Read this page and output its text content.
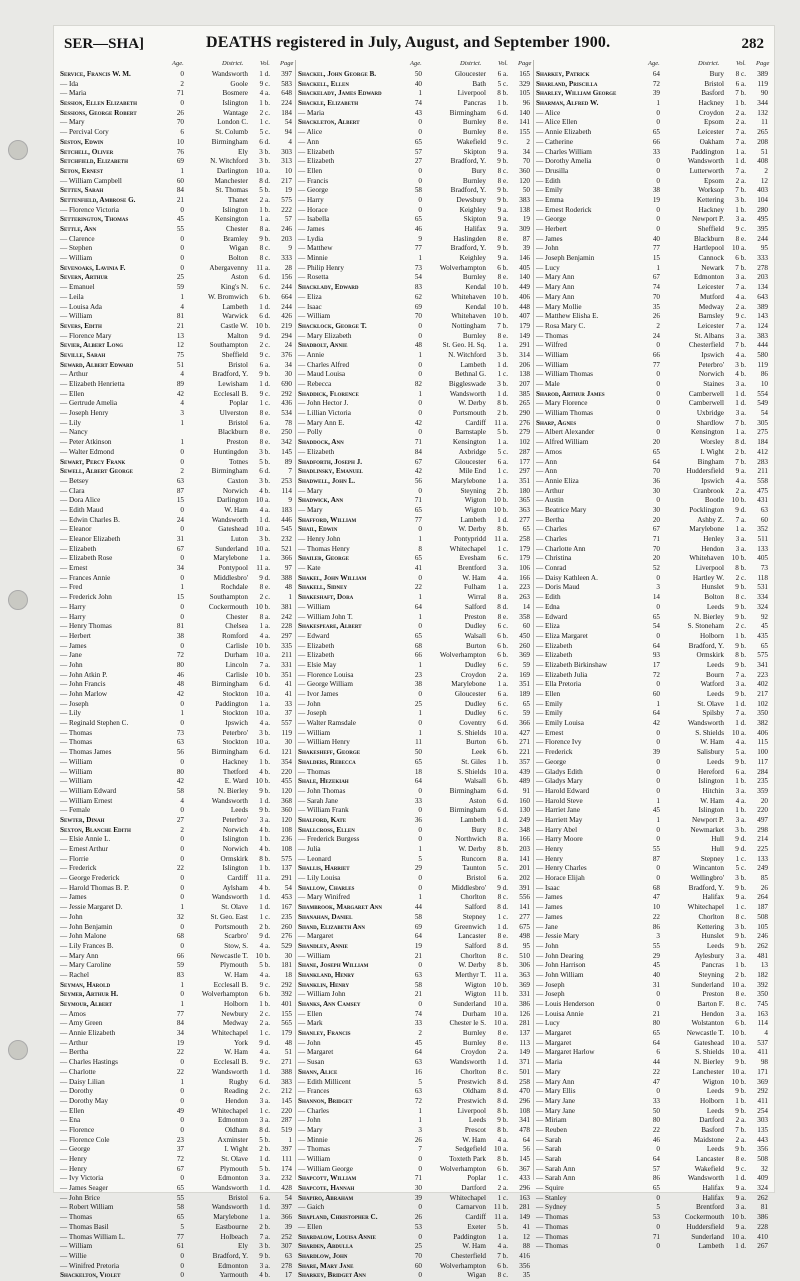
SER—SHA]	DEATHS registered in July, August, and September 1900.	282
Age.	District.	Vol. Page	Age.	District.	Vol. Page	Age.	District.	Vol. Page
Service, Francis W. M.	0	Wandsworth	1 d.	397
— Ida	2	Goole	9 c.	583
— Maria	71	Bosmere	4 a.	648
Session, Ellen Elizabeth	0	Islington	1 b.	224
Sessions, George Robert	26	Wantage	2 c.	184
— Mary	70	London C.	1 c.	54
— Percival Cory	6	St. Columb	5 c.	94
Seston, Edwin	10	Birmingham	6 d.	4
Setchell, Oliver	76	Ely	3 b.	303
Setchfield, Elizabeth	69	N. Witchford	3 b.	313
Seton, Ernest	1	Darlington	10 a.	10
— William Campbell	60	Manchester	8 d.	217
Setten, Sarah	84	St. Thomas	5 b.	19
Settenfield, Ambrose G.	21	Thanet	2 a.	575
— Florence Victoria	0	Islington	1 b.	222
Setterington, Thomas	45	Kensington	1 a.	57
Settle, Ann	55	Chester	8 a.	246
— Clarence	0	Bramley	9 b.	203
— Stephen	0	Wigan	8 c.	9
— William	0	Bolton	8 c.	333
Sevenoaks, Lavinia F.	0	Abergavenny	11 a.	28
Severn, Arthur	25	Aston	6 d.	156
— Emanuel	59	King's N.	6 c.	244
— Leila	1	W. Bromwich	6 b.	664
— Louisa Ada	4	Lambeth	1 d.	244
— William	81	Warwick	6 d.	426
Severs, Edith	21	Castle W.	10 b.	219
— Florence Mary	13	Malton	9 d.	294
Sevier, Albert Long	12	Southampton	2 c.	24
Seville, Sarah	75	Sheffield	9 c.	376
Seward, Albert Edward	51	Bristol	6 a.	34
— Arthur	4	Bradford, Y.	9 b.	30
— Elizabeth Henrietta	89	Lewisham	1 d.	690
— Ellen	42	Ecclesall B.	9 c.	292
— Gertrude Amelia	4	Poplar	1 c.	436
— Joseph Henry	3	Ulverston	8 e.	534
— Lily	1	Bristol	6 a.	78
— Nancy	Blackburn	8 e.	250
— Peter Atkinson	1	Preston	8 e.	342
— Walter Edmond	0	Huntingdon	3 b.	145
Sewart, Percy Frank	0	Totnes	5 b.	89
Sewell, Albert George	2	Birmingham	6 d.	7
— Betsey	63	Caxton	3 b.	253
— Clara	87	Norwich	4 b.	114
— Dora Alice	15	Darlington	10 a.	9
— Edith Maud	0	W. Ham	4 a.	183
— Edwin Charles B.	24	Wandsworth	1 d.	446
— Eleanor	0	Gateshead	10 a.	545
— Eleanor Elizabeth	31	Luton	3 b.	232
— Elizabeth	67	Sunderland	10 a.	521
— Elizabeth Rose	0	Marylebone	1 a.	366
— Ernest	34	Pontypool	11 a.	97
— Frances Annie	0	Middlesbro'	9 d.	388
— Fred	1	Rochdale	8 e.	48
— Frederick John	15	Southampton	2 c.	1
— Harry	0	Cockermouth	10 b.	381
— Harry	0	Chester	8 a.	242
— Henry Thomas	81	Chelsea	1 a.	228
— Herbert	38	Romford	4 a.	297
— James	0	Carlisle	10 b.	335
— Jane	72	Durham	10 a.	211
— John	80	Lincoln	7 a.	331
— John Atkin P.	46	Carlisle	10 b.	351
— John Francis	48	Birmingham	6 d.	41
— John Marlow	42	Stockton	10 a.	41
— Joseph	0	Paddington	1 a.	33
— Lily	1	Stockton	10 a.	37
— Reginald Stephen C.	0	Ipswich	4 a.	557
— Thomas	73	Peterbro'	3 b.	119
— Thomas	63	Stockton	10 a.	30
— Thomas James	56	Birmingham	6 d.	121
— William	0	Hackney	1 b.	354
— William	80	Thetford	4 b.	220
— William	42	E. Ward	10 b.	455
— William Edward	58	N. Bierley	9 b.	120
— William Ernest	4	Wandsworth	1 d.	368
— Female	0	Leeds	9 b.	360
Sewter, Dinah	27	Peterbro'	3 a.	120
Sexton, Blanche Edith	2	Norwich	4 b.	108
— Elsie Annie L.	0	Islington	1 b.	236
— Ernest Arthur	0	Norwich	4 b.	108
— Florrie	0	Ormskirk	8 b.	575
— Frederick	22	Islington	1 b.	137
— George Frederick	0	Cardiff	11 a.	291
— Harold Thomas B. P.	0	Aylsham	4 b.	54
— James	0	Wandsworth	1 d.	453
— Jessie Margaret D.	1	St. Olave	1 d.	167
— John	32	St. Geo. East	1 c.	235
— John Benjamin	0	Portsmouth	2 b.	260
— John Malone	68	Scarbro'	9 d.	276
— Lily Frances B.	0	Stow, S.	4 a.	529
— Mary Ann	66	Newcastle T.	10 b.	30
— Mary Caroline	59	Plymouth	5 b.	181
— Rachel	83	W. Ham	4 a.	18
Seyman, Harold	1	Ecclesall B.	9 c.	292
Seymer, Arthur H.	0	Wolverhampton	6 b.	392
Seymour, Albert	1	Holborn	1 b.	401
— Amos	77	Newbury	2 c.	155
— Amy Green	84	Medway	2 a.	565
— Annie Elizabeth	34	Whitechapel	1 c.	179
— Arthur	19	York	9 d.	48
— Bertha	22	W. Ham	4 a.	51
— Charles Hastings	0	Ecclesall B.	9 c.	271
— Charlotte	22	Wandsworth	1 d.	388
— Daisy Lilian	1	Rugby	6 d.	383
— Dorothy	0	Reading	2 c.	212
— Dorothy May	0	Hendon	3 a.	145
— Ellen	49	Whitechapel	1 c.	220
— Ena	0	Edmonton	3 a.	287
— Florence	0	Oldham	8 d.	519
— Florence Cole	23	Axminster	5 b.	1
— George	37	I. Wight	2 b.	397
— Henry	72	St. Olave	1 d.	111
— Henry	67	Plymouth	5 b.	174
— Ivy Victoria	0	Edmonton	3 a.	232
— James Seager	65	Wandsworth	1 d.	428
— John Brice	55	Bristol	6 a.	54
— Robert William	58	Wandsworth	1 d.	397
— Thomas	65	Marylebone	1 a.	366
— Thomas Basil	5	Eastbourne	2 b.	39
— Thomas William L.	77	Holbeach	7 a.	252
— William	61	Ely	3 b.	307
— Willie	0	Bradford, Y.	9 b.	63
— Winifred Pretoria	0	Edmonton	3 a.	278
Shackelton, Violet	0	Yarmouth	4 b.	17
Shackel, John George B.	50	Gloucester	6 a.	165
Shackell, Ellen	40	Bath	5 c.	329
Shackelady, James Edward	1	Liverpool	8 b.	105
Shackle, Elizabeth	74	Pancras	1 b.	96
— Maria	43	Birmingham	6 d.	140
Shackleton, Albert	0	Burnley	8 e.	141
— Alice	0	Burnley	8 e.	155
— Ann	65	Wakefield	9 c.	2
— Elizabeth	57	Skipton	9 a.	34
— Elizabeth	27	Bradford, Y.	9 b.	70
— Ellen	0	Bury	8 c.	360
— Francis	0	Burnley	8 e.	120
— George	58	Bradford, Y.	9 b.	50
— Harry	0	Dewsbury	9 b.	383
— Horace	0	Keighley	9 a.	138
— Isabella	65	Skipton	9 a.	19
— James	46	Halifax	9 a.	309
— Lydia	9	Haslingden	8 e.	87
— Matthew	77	Bradford, Y.	9 b.	39
— Minnie	1	Keighley	9 a.	146
— Philip Henry	73	Wolverhampton	6 b.	405
— Rosetta	54	Burnley	8 e.	140
Shacklady, Edward	83	Kendal	10 b.	449
— Eliza	62	Whitehaven	10 b.	406
— Isaac	69	Kendal	10 b.	448
— William	70	Whitehaven	10 b.	407
Shacklock, George T.	0	Nottingham	7 b.	179
— Mary Elizabeth	0	Burnley	8 e.	149
Shadbolt, Annie	48	St. Geo. H. Sq.	1 a.	291
— Annie	1	N. Witchford	3 b.	314
— Charles Alfred	0	Lambeth	1 d.	206
— Maud Louisa	0	Bethnal G.	1 c.	138
— Rebecca	82	Biggleswade	3 b.	207
Shaddick, Florence	1	Wandsworth	1 d.	385
— John Hector J.	0	W. Derby	8 b.	265
— Lillian Victoria	0	Portsmouth	2 b.	290
— Mary Ann E.	42	Cardiff	11 a.	276
— Polly	0	Barnstaple	5 b.	279
Shaddock, Ann	71	Kensington	1 a.	102
— Elizabeth	84	Axbridge	5 c.	287
Shadforth, Joseph J.	67	Gloucester	6 a.	177
Shadlinsky, Emanuel	42	Mile End	1 c.	297
Shadwell, John L.	56	Marylebone	1 a.	351
— Mary	0	Steyning	2 b.	180
Shadwick, Ann	71	Wigton	10 b.	365
— Mary	65	Wigton	10 b.	363
Shafford, William	77	Lambeth	1 d.	277
Shail, Edwin	0	W. Derby	8 b.	65
— Henry John	1	Pontypridd	11 a.	258
— Thomas Henry	8	Whitechapel	1 c.	179
Shailer, George	65	Evesham	6 c.	179
— Kate	41	Brentford	3 a.	106
Shakel, John William	0	W. Ham	4 a.	166
Shakell, Sidney	22	Fulham	1 a.	223
Shakeshaft, Dora	1	Wirral	8 a.	263
— William	64	Salford	8 d.	14
— William John T.	1	Preston	8 e.	358
Shakespeare, Albert	0	Dudley	6 c.	60
— Edward	65	Walsall	6 b.	450
— Elizabeth	68	Burton	6 b.	260
— Elizabeth	66	Wolverhampton	6 b.	369
— Elsie May	1	Dudley	6 c.	59
— Florence Louisa	23	Croydon	2 a.	169
— George William	38	Marylebone	1 a.	351
— Ivor James	0	Gloucester	6 a.	189
— John	25	Dudley	6 c.	65
— Joseph	1	Dudley	6 c.	59
— Walter Ramsdale	0	Coventry	6 d.	366
— William	1	S. Shields	10 a.	427
— William Henry	11	Burton	6 b.	271
Shakesheff, George	50	Leek	6 b.	221
Shalders, Rebecca	65	St. Giles	1 b.	357
— Thomas	18	S. Shields	10 a.	439
Shale, Hezekiah	64	Walsall	6 b.	489
— John Thomas	0	Birmingham	6 d.	91
— Sarah Jane	33	Aston	6 d.	160
— William Frank	0	Birmingham	6 d.	130
Shalford, Kate	36	Lambeth	1 d.	249
Shallcross, Ellen	0	Bury	8 c.	348
— Frederick Burgess	0	Northwich	8 a.	166
— Julia	1	W. Derby	8 b.	203
— Leonard	5	Runcorn	8 a.	141
Shallis, Harriet	29	Taunton	5 c.	201
— Lily Louisa	0	Bristol	6 a.	202
Shallow, Charles	0	Middlesbro'	9 d.	391
— Mary Winifred	1	Chorlton	8 c.	556
Shambrook, Margaret Ann	44	Salford	8 d.	141
Shanahan, Daniel	58	Stepney	1 c.	277
Shand, Elizabeth Ann	69	Greenwich	1 d.	675
— Margaret	64	Lancaster	8 e.	498
Shandley, Annie	19	Salford	8 d.	95
— William	21	Chorlton	8 c.	510
Shane, Joseph William	0	W. Derby	8 b.	306
Shankland, Henry	63	Merthyr T.	11 a.	363
Shanklin, Henry	58	Wigton	10 b.	369
— William John	21	Wigton	11 b.	331
Shanks, Ann Camsey	0	Sunderland	10 a.	386
— Ellen	74	Durham	10 a.	126
— Mark	33	Chester le S.	10 a.	281
Shanley, Francis	2	Burnley	8 e.	137
— John	45	Burnley	8 e.	113
— Margaret	64	Croydon	2 a.	149
— Susan	63	Wandsworth	1 d.	371
Shann, Alice	16	Chorlton	8 c.	501
— Edith Millicent	5	Prestwich	8 d.	258
— Frances	63	Oldham	8 d.	470
Shannon, Bridget	72	Prestwich	8 d.	296
— Charles	1	Liverpool	8 b.	108
— John	1	Leeds	9 b.	341
— Mary	3	Prescot	8 b.	478
— Minnie	26	W. Ham	4 a.	64
— Thomas	7	Sedgefield	10 a.	56
— William	0	Toxteth Park	8 b.	145
— William George	0	Wolverhampton	6 b.	367
Shapcott, William	71	Poplar	1 c.	433
Shapcote, Hannah	30	Dartford	2 a.	296
Shapiro, Abraham	39	Whitechapel	1 c.	163
— Gaich	0	Carnarvon	11 b.	281
Shapland, Christopher C.	26	Cardiff	11 a.	149
— Ellen	53	Exeter	5 b.	41
Shardalow, Louisa Annie	0	Paddington	1 a.	12
Sharden, Abdulla	25	W. Ham	4 a.	88
Shardlow, John	70	Chesterfield	7 b.	416
Share, Mary Jane	60	Wolverhampton	6 b.	356
Sharkey, Bridget Ann	0	Wigan	8 c.	35
Sharkey, Patrick	64	Bury	8 c.	389
Sharland, Priscilla	72	Bristol	6 a.	119
Sharley, William George	39	Basford	7 b.	90
Sharman, Alfred W.	1	Hackney	1 b.	344
— Alice	0	Croydon	2 a.	132
— Alice Ellen	0	Epsom	2 a.	11
— Annie Elizabeth	65	Leicester	7 a.	265
— Catherine	66	Oakham	7 a.	208
— Charles William	33	Paddington	1 a.	51
— Dorothy Amelia	0	Wandsworth	1 d.	408
— Drusilla	0	Lutterworth	7 a.	2
— Edith	0	Epsom	2 a.	12
— Emily	38	Worksop	7 b.	403
— Emma	19	Kettering	3 b.	104
— Ernest Roderick	0	Hackney	1 b.	280
— George	0	Newport P.	3 a.	495
— Herbert	0	Sheffield	9 c.	395
— James	40	Blackburn	8 e.	244
— John	77	Hartlepool	10 a.	95
— Joseph Benjamin	15	Cannock	6 b.	333
— Lucy	1	Newark	7 b.	278
— Mary Ann	67	Edmonton	3 a.	203
— Mary Ann	74	Leicester	7 a.	134
— Mary Ann	70	Mutford	4 a.	643
— Mary Mollie	35	Medway	2 a.	389
— Matthew Elisha E.	26	Barnsley	9 c.	143
— Rosa Mary C.	2	Leicester	7 a.	124
— Thomas	24	St. Albans	3 a.	383
— Wilfred	0	Chesterfield	7 b.	444
— William	66	Ipswich	4 a.	580
— William	77	Peterbro'	3 b.	119
— William Thomas	0	Norwich	4 b.	86
— Male	0	Staines	3 a.	10
Sharod, Arthur James	0	Camberwell	1 d.	554
— Mary Florence	0	Camberwell	1 d.	549
— William Thomas	0	Uxbridge	3 a.	54
Sharp, Agnes	0	Shardlow	7 b.	305
— Albert Alexander	0	Kensington	1 a.	275
— Alfred William	20	Worsley	8 d.	184
— Amos	65	I. Wight	2 b.	412
— Ann	64	Bingham	7 b.	283
— Ann	70	Huddersfield	9 a.	211
— Annie Eliza	36	Ipswich	4 a.	558
— Arthur	30	Cranbrook	2 a.	475
— Austin	0	Bootle	10 b.	431
— Beatrice Mary	30	Pocklington	9 d.	63
— Bertha	20	Ashby Z.	7 a.	60
— Charles	67	Marylebone	1 a.	352
— Charles	71	Henley	3 a.	511
— Charlotte Ann	70	Hendon	3 a.	133
— Christina	20	Whitehaven	10 b.	405
— Conrad	52	Liverpool	8 b.	73
— Daisy Kathleen A.	0	Hartley W.	2 c.	118
— Doris Maud	3	Hunslet	9 b.	531
— Edith	14	Bolton	8 c.	334
— Edna	0	Leeds	9 b.	324
— Edward	65	N. Bierley	9 b.	92
— Eliza	54	S. Stoneham	2 c.	45
— Eliza Margaret	0	Holborn	1 b.	435
— Elizabeth	64	Bradford, Y.	9 b.	65
— Elizabeth	93	Ormskirk	8 b.	575
— Elizabeth Birkinshaw	17	Leeds	9 b.	341
— Elizabeth Julia	72	Bourn	7 a.	223
— Ella Pretoria	0	Watford	3 a.	402
— Ellen	60	Leeds	9 b.	217
— Emily	1	St. Olave	1 d.	102
— Emily	64	Spilsby	7 a.	350
— Emily Louisa	42	Wandsworth	1 d.	382
— Ernest	0	S. Shields	10 a.	406
— Florence Ivy	0	W. Ham	4 a.	115
— Frederick	39	Salisbury	5 a.	100
— George	0	Leeds	9 b.	117
— Gladys Edith	0	Hereford	6 a.	284
— Gladys Mary	0	Islington	1 b.	235
— Harold Edward	0	Hitchin	3 a.	359
— Harold Steve	1	W. Ham	4 a.	20
— Harriet Jane	45	Islington	1 b.	220
— Harriett May	1	Newport P.	3 a.	497
— Harry Abel	0	Newmarket	3 b.	298
— Harry Moore	0	Hull	9 d.	214
— Henry	55	Hull	9 d.	225
— Henry	87	Stepney	1 c.	133
— Henry Charles	0	Wincanton	5 c.	249
— Horace Elijah	0	Wellingbro'	3 b.	85
— Isaac	68	Bradford, Y.	9 b.	26
— James	47	Halifax	9 a.	264
— James	10	Whitechapel	1 c.	187
— James	22	Chorlton	8 c.	508
— Jane	86	Kettering	3 b.	105
— Jessie Mary	3	Hunslet	9 b.	246
— John	55	Leeds	9 b.	262
— John Dearing	29	Aylesbury	3 a.	481
— John Harrison	45	Pancras	1 b.	13
— John William	40	Steyning	2 b.	182
— Joseph	31	Sunderland	10 a.	392
— Joseph	0	Preston	8 e.	350
— Louis Henderson	0	Barton F.	8 c.	745
— Louisa Annie	21	Hendon	3 a.	163
— Lucy	80	Wolstanton	6 b.	114
— Margaret	65	Newcastle T.	10 b.	4
— Margaret	64	Gateshead	10 a.	537
— Margaret Harlow	6	S. Shields	10 a.	411
— Maria	44	N. Bierley	9 b.	98
— Mary	22	Lanchester	10 a.	171
— Mary Ann	47	Wigton	10 b.	369
— Mary Ellis	0	Leeds	9 b.	292
— Mary Jane	33	Holborn	1 b.	411
— Mary Jane	50	Leeds	9 b.	254
— Miriam	80	Dartford	2 a.	303
— Reuben	22	Basford	7 b.	135
— Sarah	46	Maidstone	2 a.	443
— Sarah	0	Leeds	9 b.	356
— Sarah	64	Lancaster	8 e.	508
— Sarah Ann	57	Wakefield	9 c.	32
— Sarah Ann	86	Wandsworth	1 d.	409
— Squire	65	Halifax	9 a.	324
— Stanley	0	Halifax	9 a.	262
— Sydney	5	Brentford	3 a.	81
— Thomas	53	Cockermouth	10 b.	386
— Thomas	0	Huddersfield	9 a.	228
— Thomas	71	Sunderland	10 a.	410
— Thomas	0	Lambeth	1 d.	267
